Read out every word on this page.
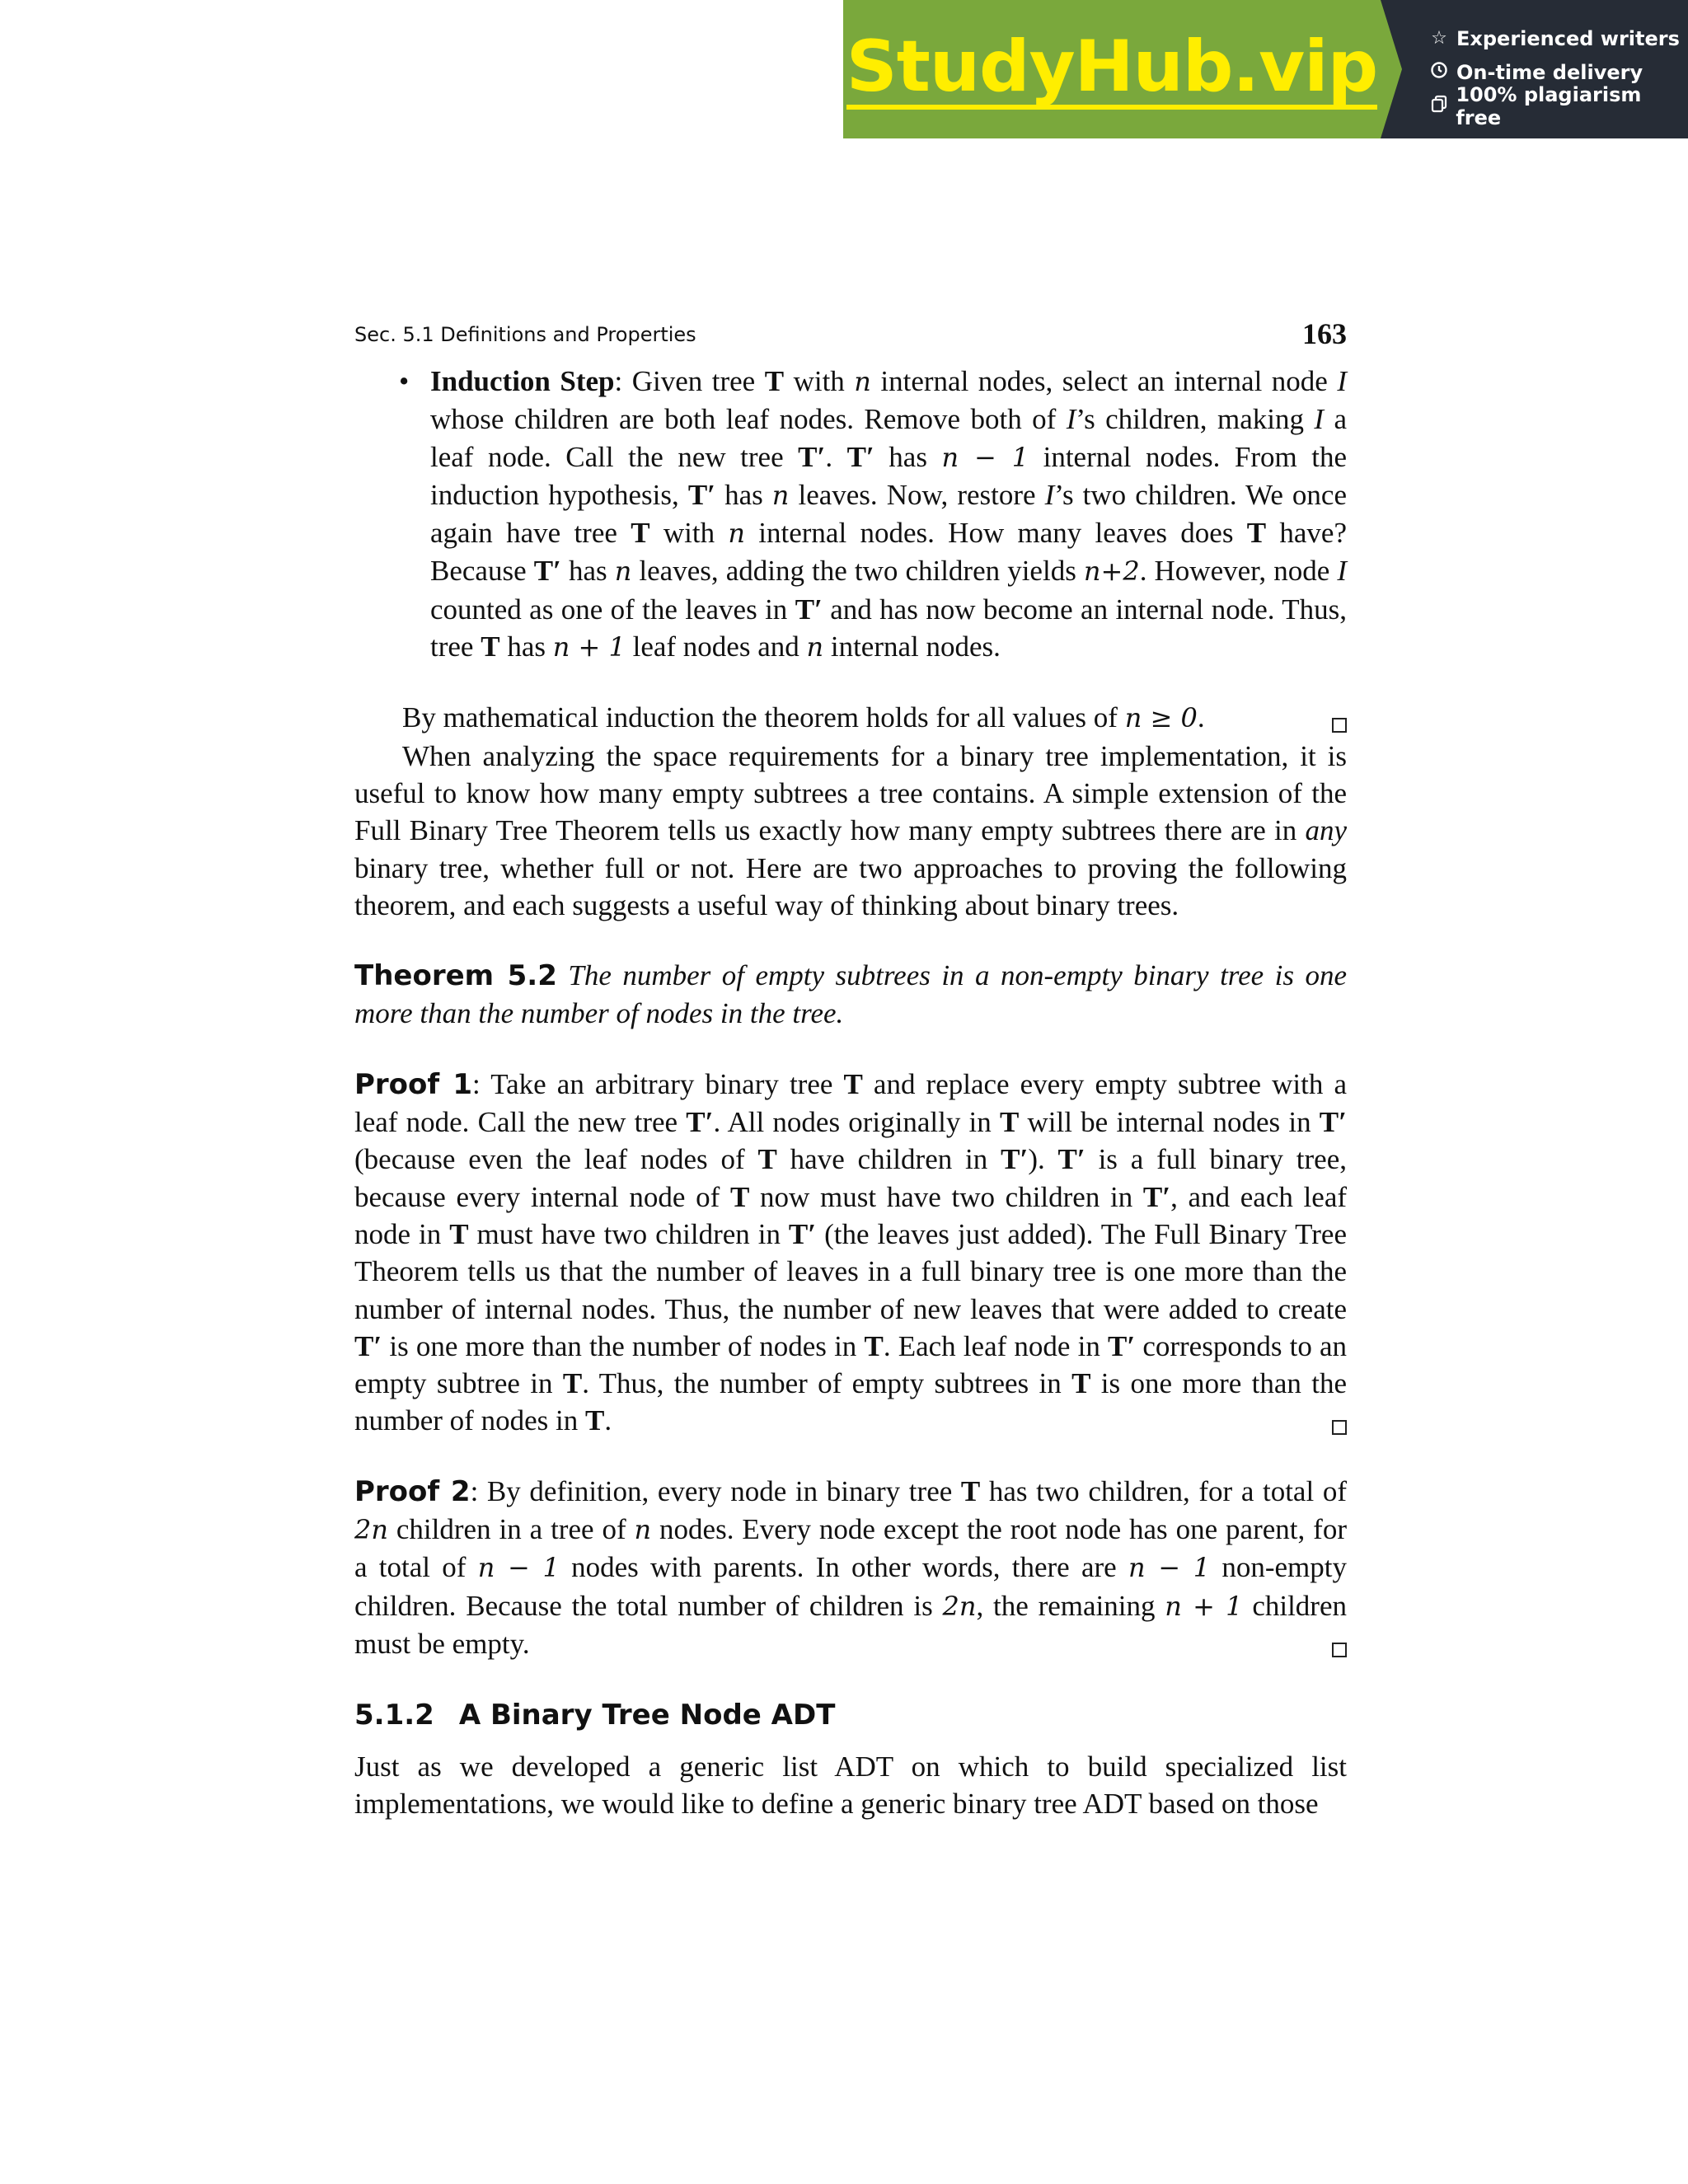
StudyHub.vip	☆ Experienced writers
On-time delivery
100% plagiarism free
Sec. 5.1 Definitions and Properties	163

• Induction Step: Given tree T with n internal nodes, select an internal node I whose children are both leaf nodes. Remove both of I’s children, making I a leaf node. Call the new tree T′. T′ has n − 1 internal nodes. From the induction hypothesis, T′ has n leaves. Now, restore I’s two children. We once again have tree T with n internal nodes. How many leaves does T have? Because T′ has n leaves, adding the two children yields n+2. However, node I counted as one of the leaves in T′ and has now become an internal node. Thus, tree T has n + 1 leaf nodes and n internal nodes.

By mathematical induction the theorem holds for all values of n ≥ 0.

When analyzing the space requirements for a binary tree implementation, it is useful to know how many empty subtrees a tree contains. A simple extension of the Full Binary Tree Theorem tells us exactly how many empty subtrees there are in any binary tree, whether full or not. Here are two approaches to proving the following theorem, and each suggests a useful way of thinking about binary trees.

Theorem 5.2 The number of empty subtrees in a non-empty binary tree is one more than the number of nodes in the tree.

Proof 1: Take an arbitrary binary tree T and replace every empty subtree with a leaf node. Call the new tree T′. All nodes originally in T will be internal nodes in T′ (because even the leaf nodes of T have children in T′). T′ is a full binary tree, because every internal node of T now must have two children in T′, and each leaf node in T must have two children in T′ (the leaves just added). The Full Binary Tree Theorem tells us that the number of leaves in a full binary tree is one more than the number of internal nodes. Thus, the number of new leaves that were added to create T′ is one more than the number of nodes in T. Each leaf node in T′ corresponds to an empty subtree in T. Thus, the number of empty subtrees in T is one more than the number of nodes in T.

Proof 2: By definition, every node in binary tree T has two children, for a total of 2n children in a tree of n nodes. Every node except the root node has one parent, for a total of n − 1 nodes with parents. In other words, there are n − 1 non-empty children. Because the total number of children is 2n, the remaining n + 1 children must be empty.

5.1.2 A Binary Tree Node ADT

Just as we developed a generic list ADT on which to build specialized list implementations, we would like to define a generic binary tree ADT based on those
